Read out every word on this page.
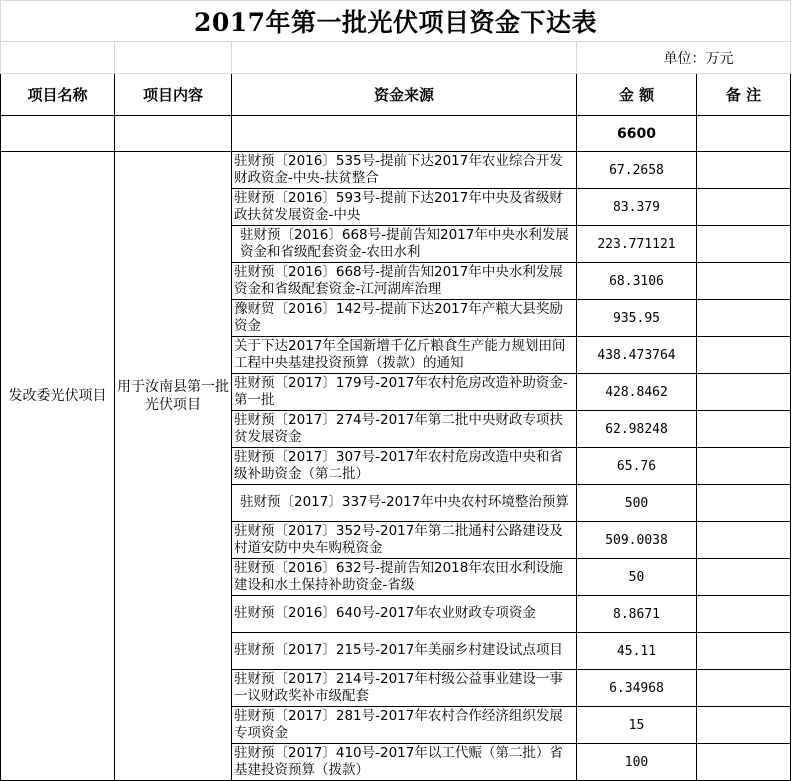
2017年第一批光伏项目资金下达表				
			单位：万元	
项目名称	项目内容	资金来源	金 额	备 注
			6600	
发改委光伏项目	用于汝南县第一批光伏项目	驻财预〔2016〕535号-提前下达2017年农业综合开发财政资金-中央-扶贫整合	67.2658	
		驻财预〔2016〕593号-提前下达2017年中央及省级财政扶贫发展资金-中央	83.379	
		驻财预〔2016〕668号-提前告知2017年中央水利发展资金和省级配套资金-农田水利	223.771121	
		驻财预〔2016〕668号-提前告知2017年中央水利发展资金和省级配套资金-江河湖库治理	68.3106	
		豫财贸〔2016〕142号-提前下达2017年产粮大县奖励资金	935.95	
		关于下达2017年全国新增千亿斤粮食生产能力规划田间工程中央基建投资预算（拨款）的通知	438.473764	
		驻财预〔2017〕179号-2017年农村危房改造补助资金-第一批	428.8462	
		驻财预〔2017〕274号-2017年第二批中央财政专项扶贫发展资金	62.98248	
		驻财预〔2017〕307号-2017年农村危房改造中央和省级补助资金（第二批）	65.76	
		驻财预〔2017〕337号-2017年中央农村环境整治预算	500	
		驻财预〔2017〕352号-2017年第二批通村公路建设及村道安防中央车购税资金	509.0038	
		驻财预〔2016〕632号-提前告知2018年农田水利设施建设和水土保持补助资金-省级	50	
		驻财预〔2016〕640号-2017年农业财政专项资金	8.8671	
		驻财预〔2017〕215号-2017年美丽乡村建设试点项目	45.11	
		驻财预〔2017〕214号-2017年村级公益事业建设一事一议财政奖补市级配套	6.34968	
		驻财预〔2017〕281号-2017年农村合作经济组织发展专项资金	15	
		驻财预〔2017〕410号-2017年以工代赈（第二批）省基建投资预算（拨款）	100	
